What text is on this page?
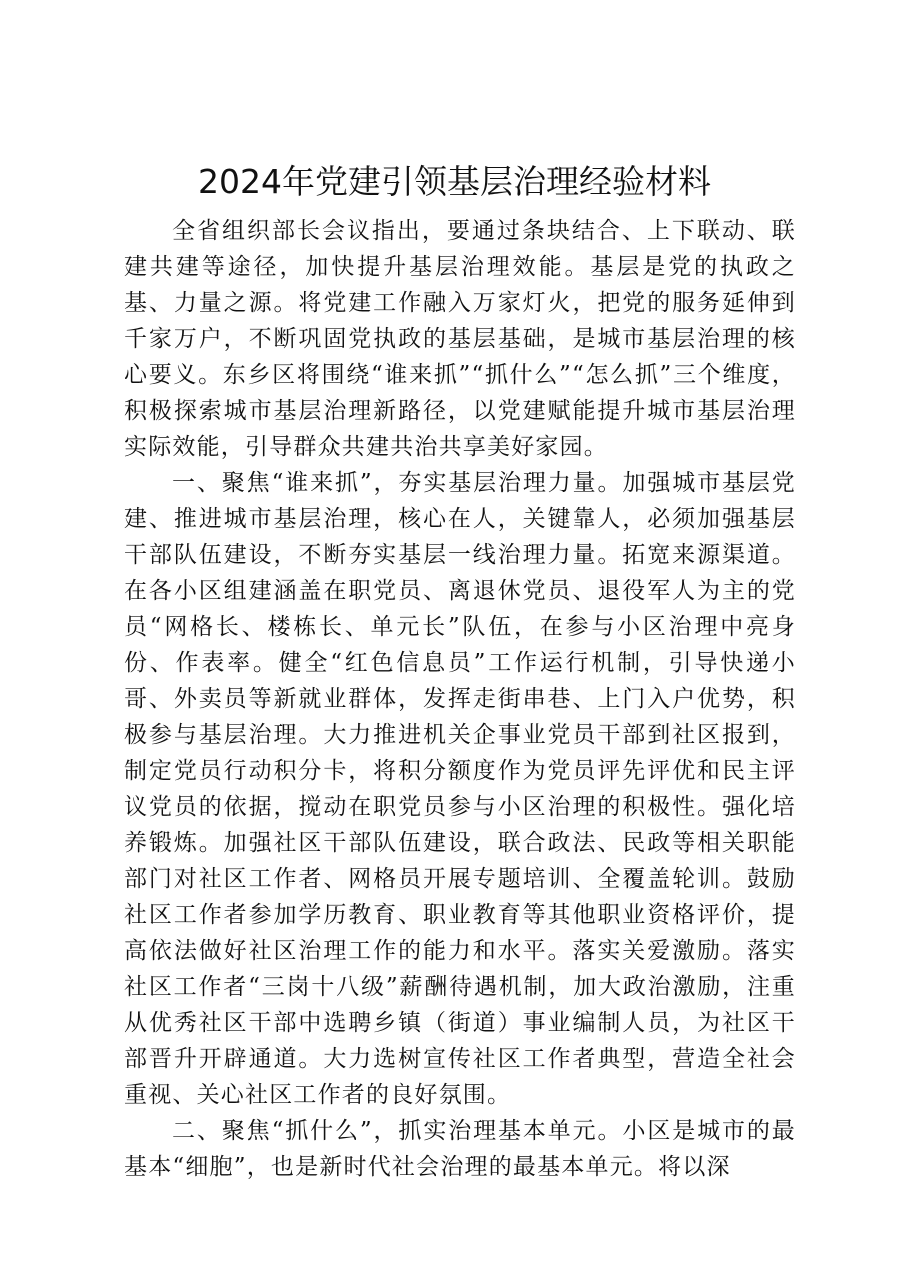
2024年党建引领基层治理经验材料

全省组织部长会议指出，要通过条块结合、上下联动、联建共建等途径，加快提升基层治理效能。基层是党的执政之基、力量之源。将党建工作融入万家灯火，把党的服务延伸到千家万户，不断巩固党执政的基层基础，是城市基层治理的核心要义。东乡区将围绕“谁来抓”“抓什么”“怎么抓”三个维度，积极探索城市基层治理新路径，以党建赋能提升城市基层治理实际效能，引导群众共建共治共享美好家园。

一、聚焦“谁来抓”，夯实基层治理力量。加强城市基层党建、推进城市基层治理，核心在人，关键靠人，必须加强基层干部队伍建设，不断夯实基层一线治理力量。拓宽来源渠道。在各小区组建涵盖在职党员、离退休党员、退役军人为主的党员“网格长、楼栋长、单元长”队伍，在参与小区治理中亮身份、作表率。健全“红色信息员”工作运行机制，引导快递小哥、外卖员等新就业群体，发挥走街串巷、上门入户优势，积极参与基层治理。大力推进机关企事业党员干部到社区报到，制定党员行动积分卡，将积分额度作为党员评先评优和民主评议党员的依据，搅动在职党员参与小区治理的积极性。强化培养锻炼。加强社区干部队伍建设，联合政法、民政等相关职能部门对社区工作者、网格员开展专题培训、全覆盖轮训。鼓励社区工作者参加学历教育、职业教育等其他职业资格评价，提高依法做好社区治理工作的能力和水平。落实关爱激励。落实社区工作者“三岗十八级”薪酬待遇机制，加大政治激励，注重从优秀社区干部中选聘乡镇（街道）事业编制人员，为社区干部晋升开辟通道。大力选树宣传社区工作者典型，营造全社会重视、关心社区工作者的良好氛围。

二、聚焦“抓什么”，抓实治理基本单元。小区是城市的最基本“细胞”，也是新时代社会治理的最基本单元。将以深
